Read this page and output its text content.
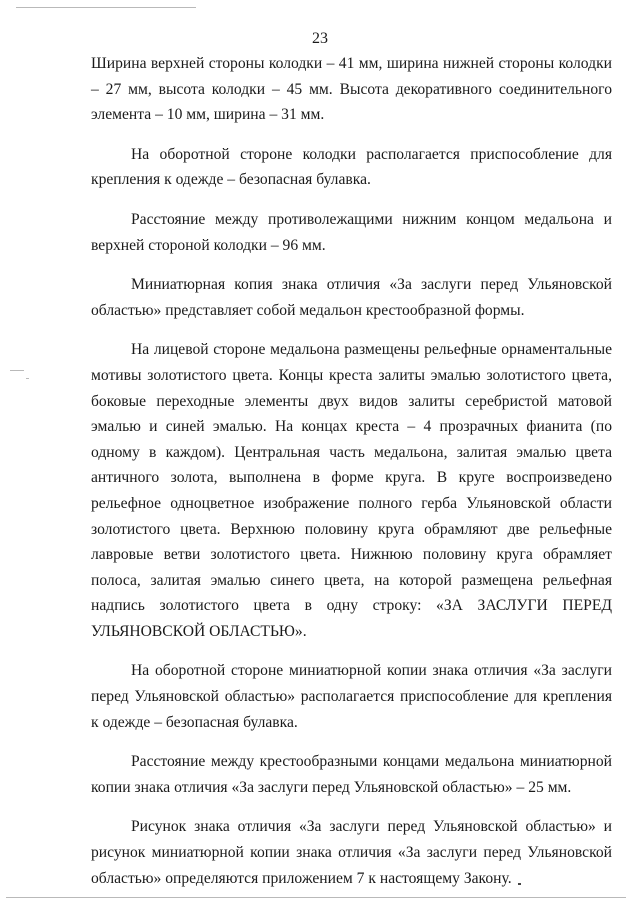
23

Ширина верхней стороны колодки – 41 мм, ширина нижней стороны колодки – 27 мм, высота колодки – 45 мм. Высота декоративного соединительного элемента – 10 мм, ширина – 31 мм.

На оборотной стороне колодки располагается приспособление для крепления к одежде – безопасная булавка.

Расстояние между противолежащими нижним концом медальона и верхней стороной колодки – 96 мм.

Миниатюрная копия знака отличия «За заслуги перед Ульяновской областью» представляет собой медальон крестообразной формы.

На лицевой стороне медальона размещены рельефные орнаментальные мотивы золотистого цвета. Концы креста залиты эмалью золотистого цвета, боковые переходные элементы двух видов залиты серебристой матовой эмалью и синей эмалью. На концах креста – 4 прозрачных фианита (по одному в каждом). Центральная часть медальона, залитая эмалью цвета античного золота, выполнена в форме круга. В круге воспроизведено рельефное одноцветное изображение полного герба Ульяновской области золотистого цвета. Верхнюю половину круга обрамляют две рельефные лавровые ветви золотистого цвета. Нижнюю половину круга обрамляет полоса, залитая эмалью синего цвета, на которой размещена рельефная надпись золотистого цвета в одну строку: «ЗА ЗАСЛУГИ ПЕРЕД УЛЬЯНОВСКОЙ ОБЛАСТЬЮ».

На оборотной стороне миниатюрной копии знака отличия «За заслуги перед Ульяновской областью» располагается приспособление для крепления к одежде – безопасная булавка.

Расстояние между крестообразными концами медальона миниатюрной копии знака отличия «За заслуги перед Ульяновской областью» – 25 мм.

Рисунок знака отличия «За заслуги перед Ульяновской областью» и рисунок миниатюрной копии знака отличия «За заслуги перед Ульяновской областью» определяются приложением 7 к настоящему Закону.
